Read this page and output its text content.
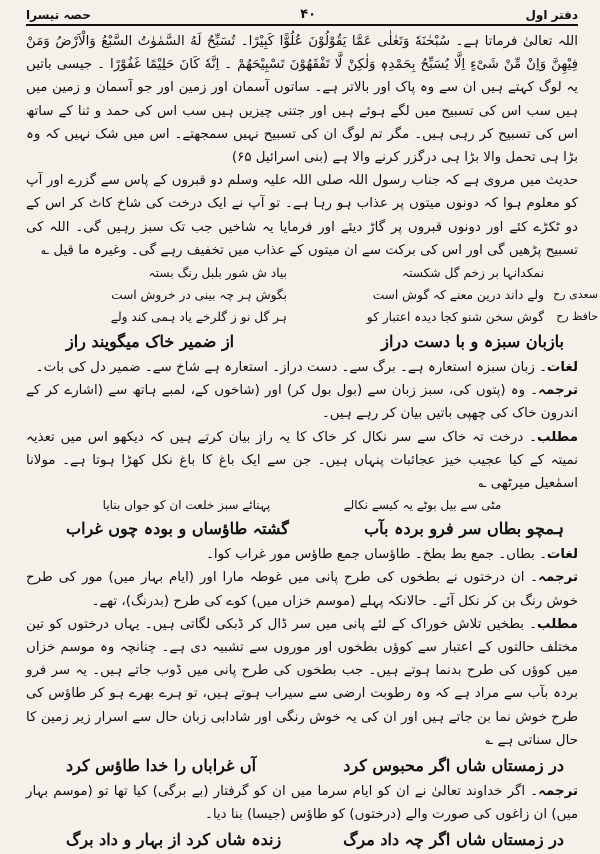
دفتر اول
۴۰
حصہ تیسرا

اللہ تعالیٰ فرماتا ہے۔ سُبْحٰنَهٗ وَتَعٰلٰی عَمَّا یَقُوْلُوْنَ عُلُوًّا کَبِیْرًا۔ تُسَبِّحُ لَهُ السَّمٰوٰتُ السَّبْعُ وَالْاَرْضُ وَمَنْ فِیْهِنَّ وَاِنْ مِّنْ شَیْءٍ اِلَّا یُسَبِّحُ بِحَمْدِهٖ وَلٰكِنْ لَّا تَفْقَهُوْنَ تَسْبِیْحَهُمْ ۔ اِنَّهٗ كَانَ حَلِیْمًا غَفُوْرًا ۔ جیسی باتیں یہ لوگ کہتے ہیں ان سے وہ پاک اور بالاتر ہے۔ ساتوں آسمان اور زمین اور جو آسمان و زمین میں ہیں سب اس کی تسبیح میں لگے ہوئے ہیں اور جتنی چیزیں ہیں سب اس کی حمد و ثنا کے ساتھ اس کی تسبیح کر رہی ہیں۔ مگر تم لوگ ان کی تسبیح نہیں سمجھتے۔ اس میں شک نہیں کہ وہ بڑا ہی تحمل والا بڑا ہی درگزر کرنے والا ہے (بنی اسرائیل ۶۵)

حدیث میں مروی ہے کہ جناب رسول اللہ صلی اللہ علیہ وسلم دو قبروں کے پاس سے گزرے اور آپ کو معلوم ہوا کہ دونوں میتوں پر عذاب ہو رہا ہے۔ تو آپ نے ایک درخت کی شاخ کاٹ کر اس کے دو ٹکڑے کئے اور دونوں قبروں پر گاڑ دیئے اور فرمایا یہ شاخیں جب تک سبز رہیں گی۔ اللہ کی تسبیح پڑھیں گی اور اس کی برکت سے ان میتوں کے عذاب میں تخفیف رہے گی۔ وغیرہ ما قیل ؎

نمکدانہا بر زخم گل شکستہ
بیاد ش شور بلبل رنگ بستہ
ولے داند درین معنے کہ گوش است
بگوش ہر چہ بینی در خروش است
گوش سخن شنو کجا دیدہ اعتبار کو
ہر گل نو ز گلرخے یاد ہمی کند ولے
سعدی رح
حافظ رح
بازبان سبزہ و با دست دراز
از ضمیر خاک میگویند راز

لغات۔ زبان سبزہ استعارہ ہے۔ برگ سے۔ دست دراز۔ استعارہ ہے شاخ سے۔ ضمیر دل کی بات۔

ترجمہ۔ وہ (پتوں کی، سبز زبان سے (بول بول کر) اور (شاخوں کے، لمبے ہاتھ سے (اشارے کر کے اندرون خاک کی چھپی باتیں بیان کر رہے ہیں۔

مطلب۔ درخت تہ خاک سے سر نکال کر خاک کا یہ راز بیان کرتے ہیں کہ دیکھو اس میں تعذیہ نمیتہ کے کیا عجیب خیز عجائبات پنہاں ہیں۔ جن سے ایک باغ کا باغ نکل کھڑا ہوتا ہے۔ مولانا اسمٰعیل میرٹھی ؎

مٹی سے بیل بوٹے یہ کیسے نکالے
پہنائے سبز خلعت ان کو جواں بنایا
ہمچو بطاں سر فرو بردہ بآب
گشتہ طاؤساں و بودہ چوں غراب

لغات۔ بطاں۔ جمع بط بطخ۔ طاؤساں جمع طاؤس مور غراب کوا۔

ترجمہ۔ ان درختوں نے بطخوں کی طرح پانی میں غوطہ مارا اور (ایام بہار میں) مور کی طرح خوش رنگ بن کر نکل آئے۔ حالانکہ پہلے (موسم خزاں میں) کوے کی طرح (بدرنگ)، تھے۔

مطلب۔ بطخیں تلاش خوراک کے لئے پانی میں سر ڈال کر ڈبکی لگاتی ہیں۔ یہاں درختوں کو تین مختلف حالتوں کے اعتبار سے کوؤں بطخوں اور موروں سے تشبیہ دی ہے۔ چنانچہ وہ موسم خزاں میں کوؤں کی طرح بدنما ہوتے ہیں۔ جب بطخوں کی طرح پانی میں ڈوب جاتے ہیں۔ یہ سر فرو بردہ بآب سے مراد ہے کہ وہ رطوبت ارضی سے سیراب ہوتے ہیں، تو ہرے بھرے ہو کر طاؤس کی طرح خوش نما بن جاتے ہیں اور ان کی یہ خوش رنگی اور شادابی زبان حال سے اسرار زیر زمین کا حال سناتی ہے ؎

در زمستاں شاں اگر محبوس کرد
آں غراباں را خدا طاؤس کرد

ترجمہ۔ اگر خداوند تعالیٰ نے ان کو ایام سرما میں ان کو گرفتار (بے برگی) کیا تھا تو (موسم بہار میں) ان زاغوں کی صورت والے (درختوں) کو طاؤس (جیسا) بنا دیا۔

در زمستاں شاں اگر چہ داد مرگ
زندہ شاں کرد از بہار و داد برگ
